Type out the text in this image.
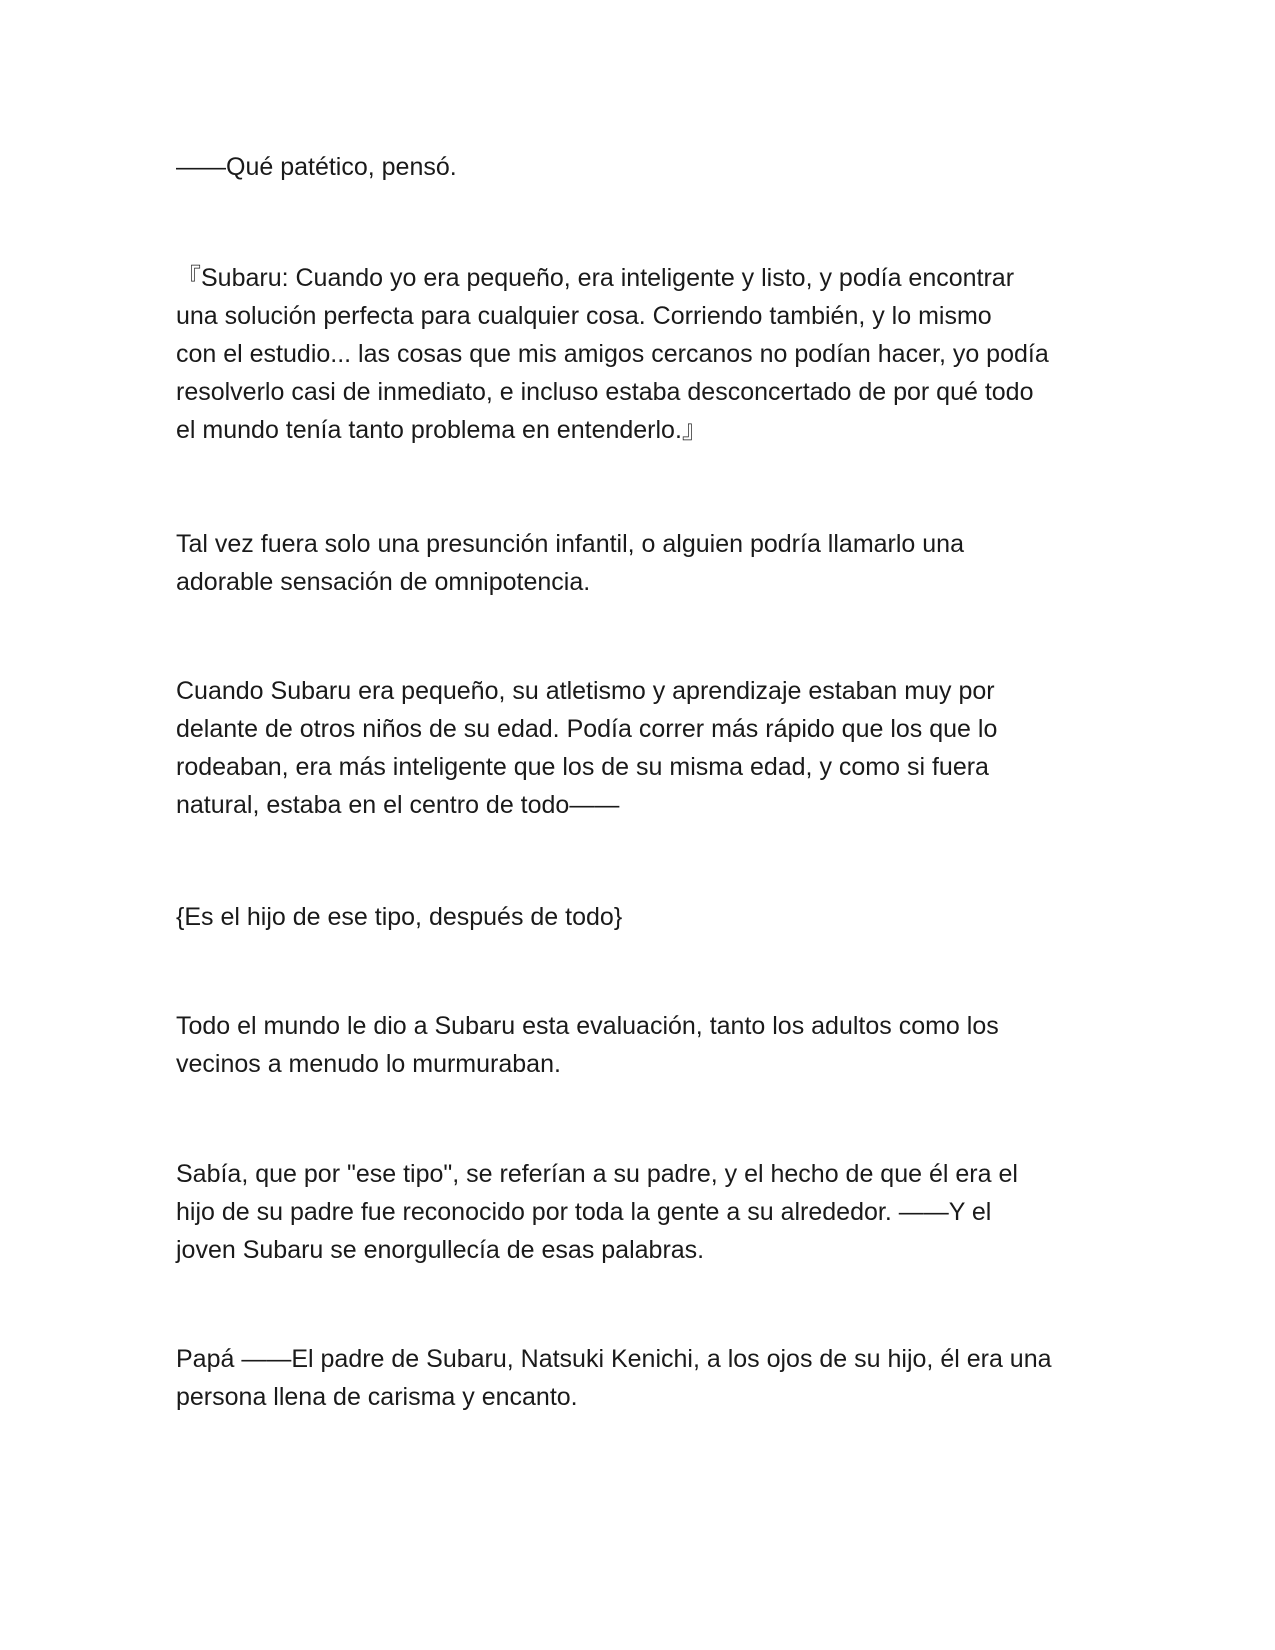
——Qué patético, pensó.

『Subaru: Cuando yo era pequeño, era inteligente y listo, y podía encontrar
una solución perfecta para cualquier cosa. Corriendo también, y lo mismo
con el estudio... las cosas que mis amigos cercanos no podían hacer, yo podía
resolverlo casi de inmediato, e incluso estaba desconcertado de por qué todo
el mundo tenía tanto problema en entenderlo.』

Tal vez fuera solo una presunción infantil, o alguien podría llamarlo una
adorable sensación de omnipotencia.

Cuando Subaru era pequeño, su atletismo y aprendizaje estaban muy por
delante de otros niños de su edad. Podía correr más rápido que los que lo
rodeaban, era más inteligente que los de su misma edad, y como si fuera
natural, estaba en el centro de todo——

{Es el hijo de ese tipo, después de todo}

Todo el mundo le dio a Subaru esta evaluación, tanto los adultos como los
vecinos a menudo lo murmuraban.

Sabía, que por "ese tipo", se referían a su padre, y el hecho de que él era el
hijo de su padre fue reconocido por toda la gente a su alrededor. ——Y el
joven Subaru se enorgullecía de esas palabras.

Papá ——El padre de Subaru, Natsuki Kenichi, a los ojos de su hijo, él era una
persona llena de carisma y encanto.
